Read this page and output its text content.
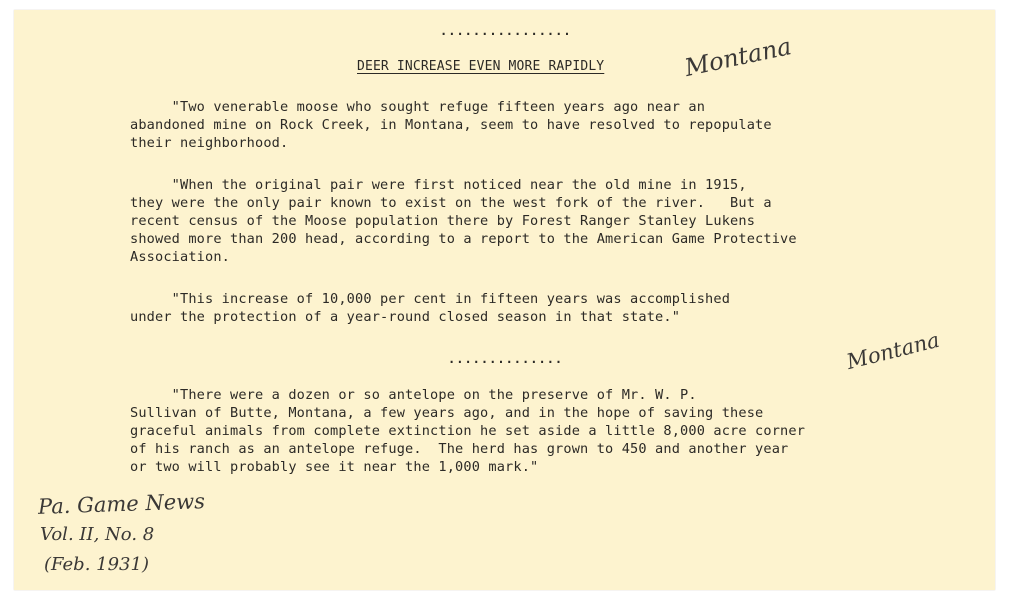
................
DEER INCREASE EVEN MORE RAPIDLY
"Two venerable moose who sought refuge fifteen years ago near an
abandoned mine on Rock Creek, in Montana, seem to have resolved to repopulate
their neighborhood.
"When the original pair were first noticed near the old mine in 1915,
they were the only pair known to exist on the west fork of the river.   But a
recent census of the Moose population there by Forest Ranger Stanley Lukens
showed more than 200 head, according to a report to the American Game Protective
Association.
"This increase of 10,000 per cent in fifteen years was accomplished
under the protection of a year-round closed season in that state."
..............
"There were a dozen or so antelope on the preserve of Mr. W. P.
Sullivan of Butte, Montana, a few years ago, and in the hope of saving these
graceful animals from complete extinction he set aside a little 8,000 acre corner
of his ranch as an antelope refuge.  The herd has grown to 450 and another year
or two will probably see it near the 1,000 mark."
Montana
Montana
Pa. Game News
Vol. II, No. 8
(Feb. 1931)
